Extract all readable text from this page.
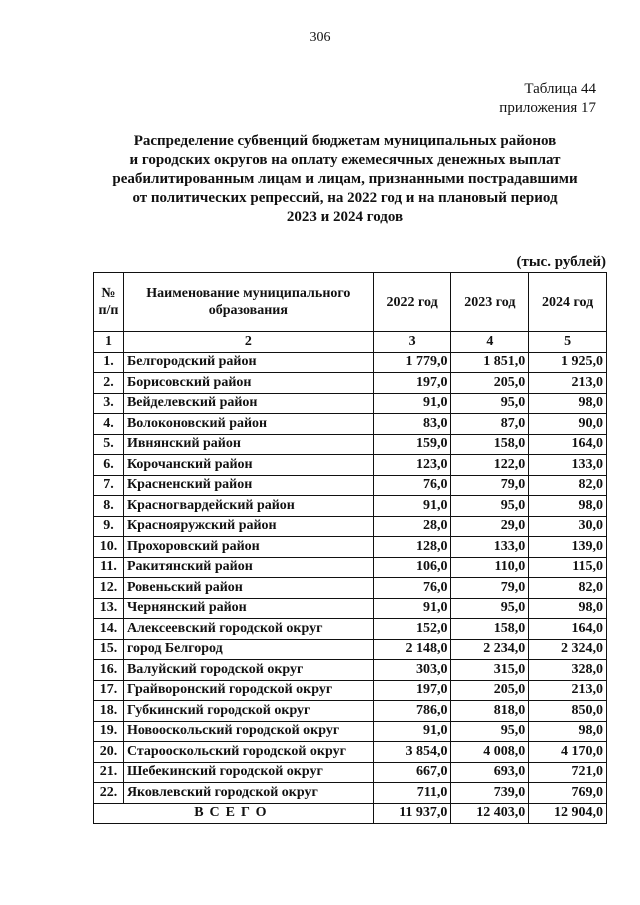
306
Таблица 44
приложения 17
Распределение субвенций бюджетам муниципальных районов
и городских округов на оплату ежемесячных денежных выплат
реабилитированным лицам и лицам, признанными пострадавшими
от политических репрессий, на 2022 год и на плановый период
2023 и 2024 годов
(тыс. рублей)
№ п/п	Наименование муниципального образования	2022 год	2023 год	2024 год
1	2	3	4	5
1.	Белгородский район	1 779,0	1 851,0	1 925,0
2.	Борисовский район	197,0	205,0	213,0
3.	Вейделевский район	91,0	95,0	98,0
4.	Волоконовский район	83,0	87,0	90,0
5.	Ивнянский район	159,0	158,0	164,0
6.	Корочанский район	123,0	122,0	133,0
7.	Красненский район	76,0	79,0	82,0
8.	Красногвардейский район	91,0	95,0	98,0
9.	Краснояружский район	28,0	29,0	30,0
10.	Прохоровский район	128,0	133,0	139,0
11.	Ракитянский район	106,0	110,0	115,0
12.	Ровеньский район	76,0	79,0	82,0
13.	Чернянский район	91,0	95,0	98,0
14.	Алексеевский городской округ	152,0	158,0	164,0
15.	город Белгород	2 148,0	2 234,0	2 324,0
16.	Валуйский городской округ	303,0	315,0	328,0
17.	Грайворонский городской округ	197,0	205,0	213,0
18.	Губкинский городской округ	786,0	818,0	850,0
19.	Новооскольский городской округ	91,0	95,0	98,0
20.	Старооскольский городской округ	3 854,0	4 008,0	4 170,0
21.	Шебекинский городской округ	667,0	693,0	721,0
22.	Яковлевский городской округ	711,0	739,0	769,0
ВСЕГО		11 937,0	12 403,0	12 904,0
